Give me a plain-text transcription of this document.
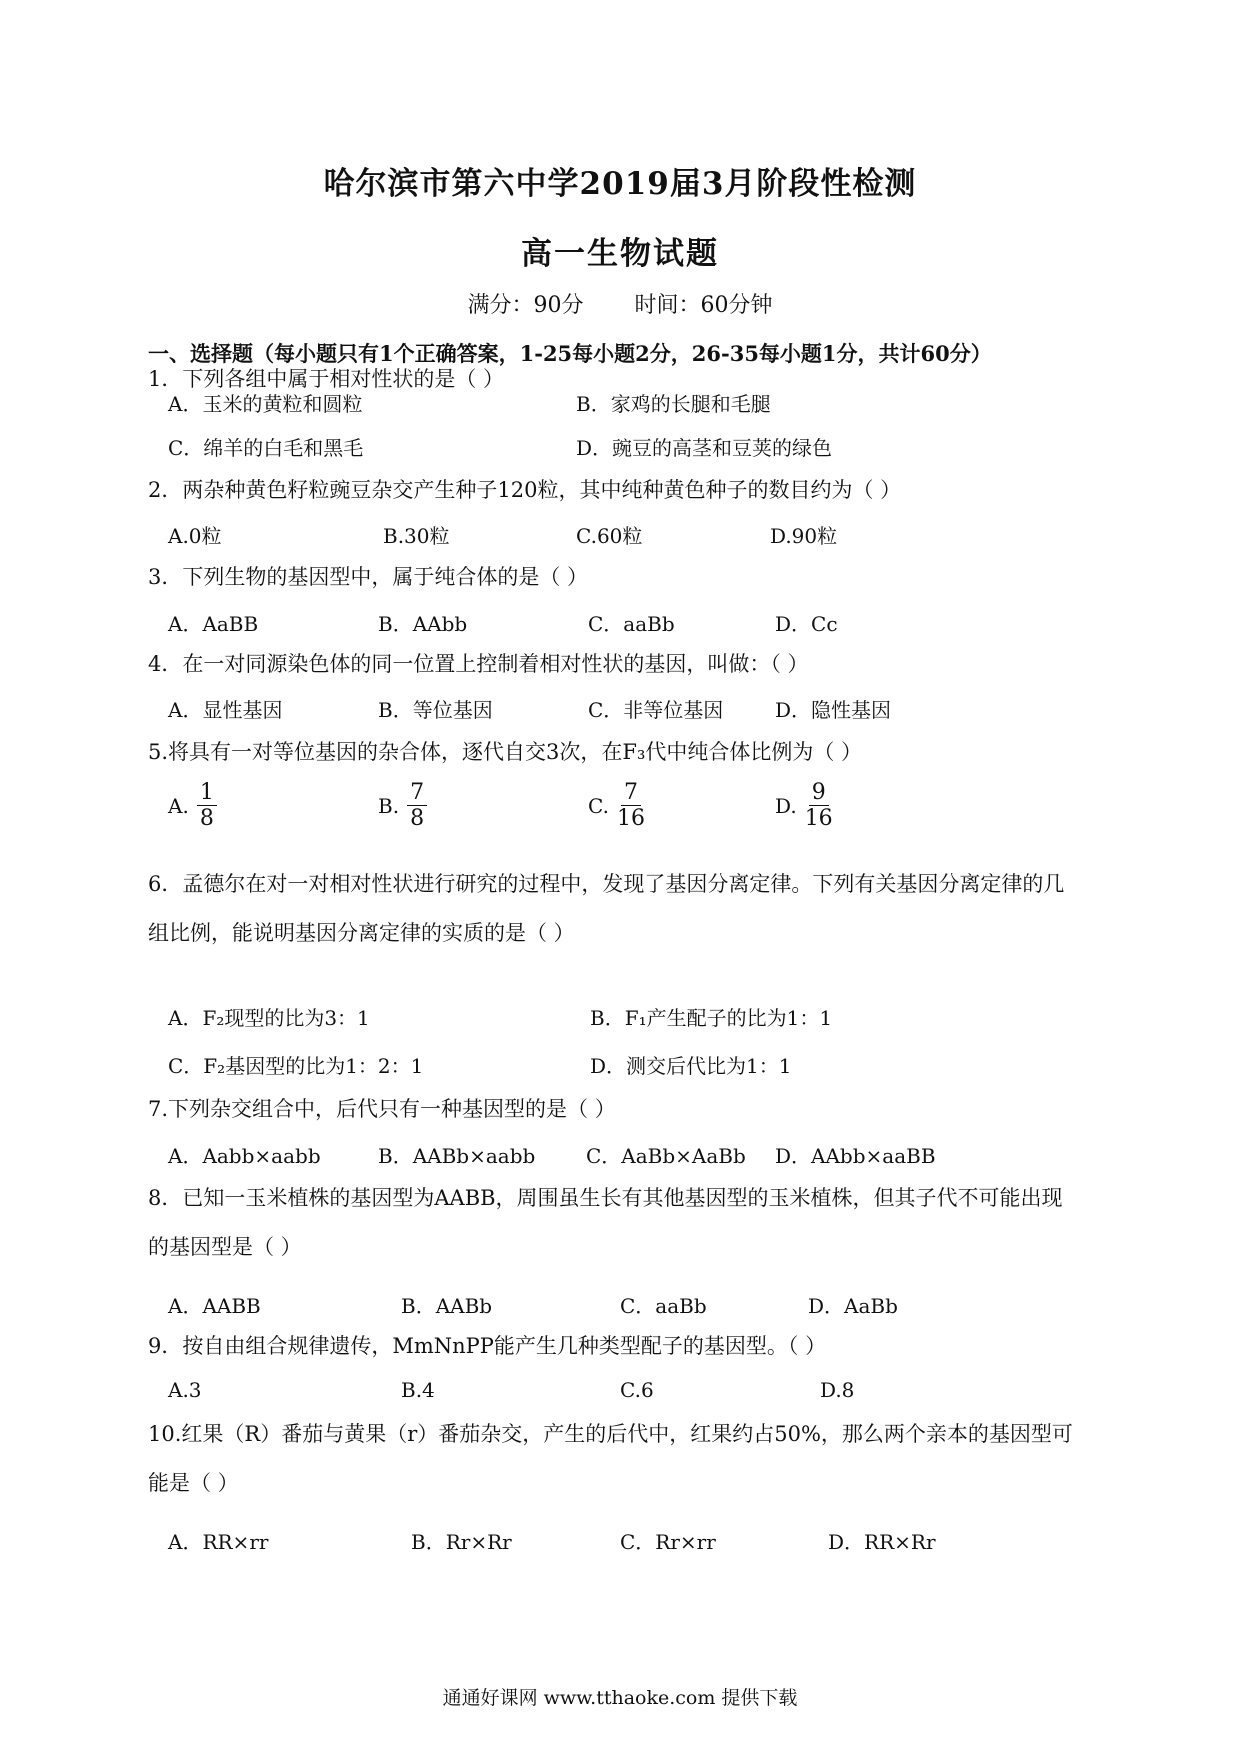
哈尔滨市第六中学2019届3月阶段性检测
高一生物试题
满分：90分 时间：60分钟
一、选择题（每小题只有1个正确答案，1-25每小题2分，26-35每小题1分，共计60分）
1．下列各组中属于相对性状的是（ ）
A．玉米的黄粒和圆粒	B．家鸡的长腿和毛腿
C．绵羊的白毛和黑毛	D．豌豆的高茎和豆荚的绿色
2．两杂种黄色籽粒豌豆杂交产生种子120粒，其中纯种黄色种子的数目约为（ ）
A.0粒	B.30粒	C.60粒	D.90粒
3．下列生物的基因型中，属于纯合体的是（ ）
A．AaBB	B．AAbb	C．aaBb	D．Cc
4．在一对同源染色体的同一位置上控制着相对性状的基因，叫做：（ ）
A．显性基因	B．等位基因	C．非等位基因	D．隐性基因
5.将具有一对等位基因的杂合体，逐代自交3次，在F₃代中纯合体比例为（ ）
A. $\frac{1}{8}$	B. $\frac{7}{8}$	C. $\frac{7}{16}$	D. $\frac{9}{16}$
6．孟德尔在对一对相对性状进行研究的过程中，发现了基因分离定律。下列有关基因分离定律的几
组比例，能说明基因分离定律的实质的是（ ）
A．F₂现型的比为3：1	B．F₁产生配子的比为1：1
C．F₂基因型的比为1：2：1	D．测交后代比为1：1
7.下列杂交组合中，后代只有一种基因型的是（ ）
A．Aabb×aabb	B．AABb×aabb	C．AaBb×AaBb D．AAbb×aaBB
8．已知一玉米植株的基因型为AABB，周围虽生长有其他基因型的玉米植株，但其子代不可能出现
的基因型是（ ）
A．AABB	B．AABb	C．aaBb	D．AaBb
9．按自由组合规律遗传，MmNnPP能产生几种类型配子的基因型。（ ）
A.3	B.4	C.6	D.8
10.红果（R）番茄与黄果（r）番茄杂交，产生的后代中，红果约占50%，那么两个亲本的基因型可
能是（ ）
A．RR×rr	B．Rr×Rr	C．Rr×rr	D．RR×Rr
通通好课网 www.tthaoke.com 提供下载
